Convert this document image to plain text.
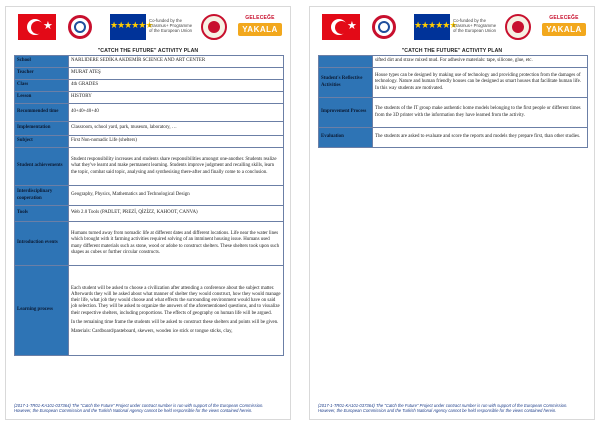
★	★★★★★★
Co-funded by the Erasmus+ Programme of the European Union
GELECEĞE
YAKALA
"CATCH THE FUTURE" ACTIVITY PLAN
School	NARLIDERE SEDİKA AKDEMİR SCIENCE AND ART CENTER
Teacher	MURAT ATEŞ
Class	4th GRADES
Lesson	HISTORY
Recommended time	40+40+40+40
Implementation	Classroom, school yard, park, museum, laboratory, …
Subject	First Non-nomadic Life (shelters)
Student achievements	Student responsibility increases and students share responsibilities amongst one-another. Students realize what they've learnt and make permanent learning. Students improve judgment and recalling skills, learn the topic, combat said topic, analysing and synthesising there-after and finally come to a conclusion.
Interdisciplinary cooperation	Geography, Physics, Mathematics and Technological Design
Tools	Web 2.0 Tools (PADLET, PREZİ, QİZİZZ, KAHOOT, CANVA)
Introduction events	Humans turned away from nomadic life at different dates and different locations. Life near the water lines which brought with it farming activities required solving of an imminent housing issue. Humans used many different materials such as stone, wood or adobe to construct shelters. These shelters took upon such shapes as cubes or further circular constructs.
Learning process	Each student will be asked to choose a civilization after attending a conference about the subject matter. Afterwards they will be asked about what manner of shelter they would construct, how they would manage their life, what job they would choose and what effects the surrounding environment would have on said job selection. They will be asked to organize the answers of the aforementioned questions, and to visualize their respective shelters, including proportions. The effects of geography on human life will be argued.

In the remaining time frame the students will be asked to construct these shelters and points will be given.

Materials: Cardboard/pasteboard, skewers, wooden ice stick or tongue sticks, clay,

(2017-1-TR01-KA101-037364) The "Catch the Future" Project under contract number is run with support of the European Commission. However, the European Commission and the Turkish National Agency cannot be held responsible for the views contained herein.
★	★★★★★★
Co-funded by the Erasmus+ Programme of the European Union
GELECEĞE
YAKALA
"CATCH THE FUTURE" ACTIVITY PLAN
	sifted dirt and straw mixed mud. For adhesive materials: tape, silicone, glue, etc.
Student's Reflective Activities	House types can be designed by making use of technology and providing protection from the damages of technology. Nature and human friendly houses can be designed as smart houses that facilitate human life. In this way students are motivated.
Improvement Process	The students of the IT group make authentic home models belonging to the first people or different times from the 3D printer with the information they have learned from the activity.
Evaluation	The students are asked to evaluate and score the reports and models they prepare first, than other studies.
(2017-1-TR01-KA101-037364) The "Catch the Future" Project under contract number is run with support of the European Commission. However, the European Commission and the Turkish National Agency cannot be held responsible for the views contained herein.
